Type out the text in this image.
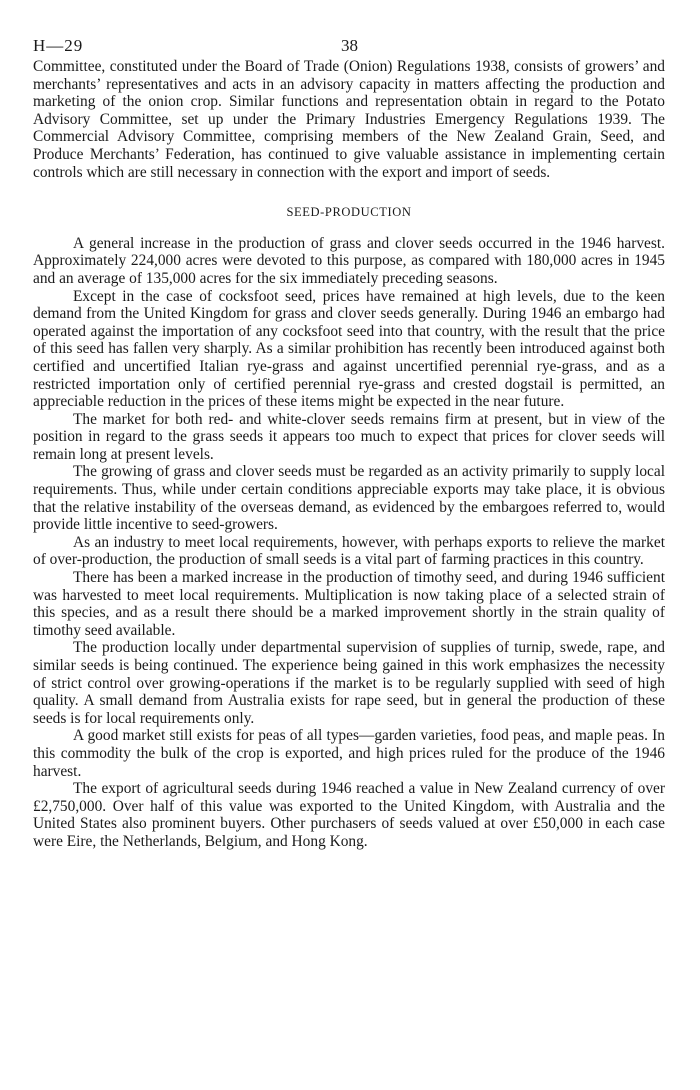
H—29	38

Committee, constituted under the Board of Trade (Onion) Regulations 1938, consists of growers’ and merchants’ representatives and acts in an advisory capacity in matters affecting the production and marketing of the onion crop. Similar functions and representation obtain in regard to the Potato Advisory Committee, set up under the Primary Industries Emergency Regulations 1939. The Commercial Advisory Committee, comprising members of the New Zealand Grain, Seed, and Produce Merchants’ Federation, has continued to give valuable assistance in implementing certain controls which are still necessary in connection with the export and import of seeds.

SEED-PRODUCTION

A general increase in the production of grass and clover seeds occurred in the 1946 harvest. Approximately 224,000 acres were devoted to this purpose, as compared with 180,000 acres in 1945 and an average of 135,000 acres for the six immediately preceding seasons.

Except in the case of cocksfoot seed, prices have remained at high levels, due to the keen demand from the United Kingdom for grass and clover seeds generally. During 1946 an embargo had operated against the importation of any cocksfoot seed into that country, with the result that the price of this seed has fallen very sharply. As a similar prohibition has recently been introduced against both certified and uncertified Italian rye-grass and against uncertified perennial rye-grass, and as a restricted importation only of certified perennial rye-grass and crested dogstail is permitted, an appreciable reduction in the prices of these items might be expected in the near future.

The market for both red- and white-clover seeds remains firm at present, but in view of the position in regard to the grass seeds it appears too much to expect that prices for clover seeds will remain long at present levels.

The growing of grass and clover seeds must be regarded as an activity primarily to supply local requirements. Thus, while under certain conditions appreciable exports may take place, it is obvious that the relative instability of the overseas demand, as evidenced by the embargoes referred to, would provide little incentive to seed-growers.

As an industry to meet local requirements, however, with perhaps exports to relieve the market of over-production, the production of small seeds is a vital part of farming practices in this country.

There has been a marked increase in the production of timothy seed, and during 1946 sufficient was harvested to meet local requirements. Multiplication is now taking place of a selected strain of this species, and as a result there should be a marked improvement shortly in the strain quality of timothy seed available.

The production locally under departmental supervision of supplies of turnip, swede, rape, and similar seeds is being continued. The experience being gained in this work emphasizes the necessity of strict control over growing-operations if the market is to be regularly supplied with seed of high quality. A small demand from Australia exists for rape seed, but in general the production of these seeds is for local requirements only.

A good market still exists for peas of all types—garden varieties, food peas, and maple peas. In this commodity the bulk of the crop is exported, and high prices ruled for the produce of the 1946 harvest.

The export of agricultural seeds during 1946 reached a value in New Zealand currency of over £2,750,000. Over half of this value was exported to the United Kingdom, with Australia and the United States also prominent buyers. Other purchasers of seeds valued at over £50,000 in each case were Eire, the Netherlands, Belgium, and Hong Kong.
